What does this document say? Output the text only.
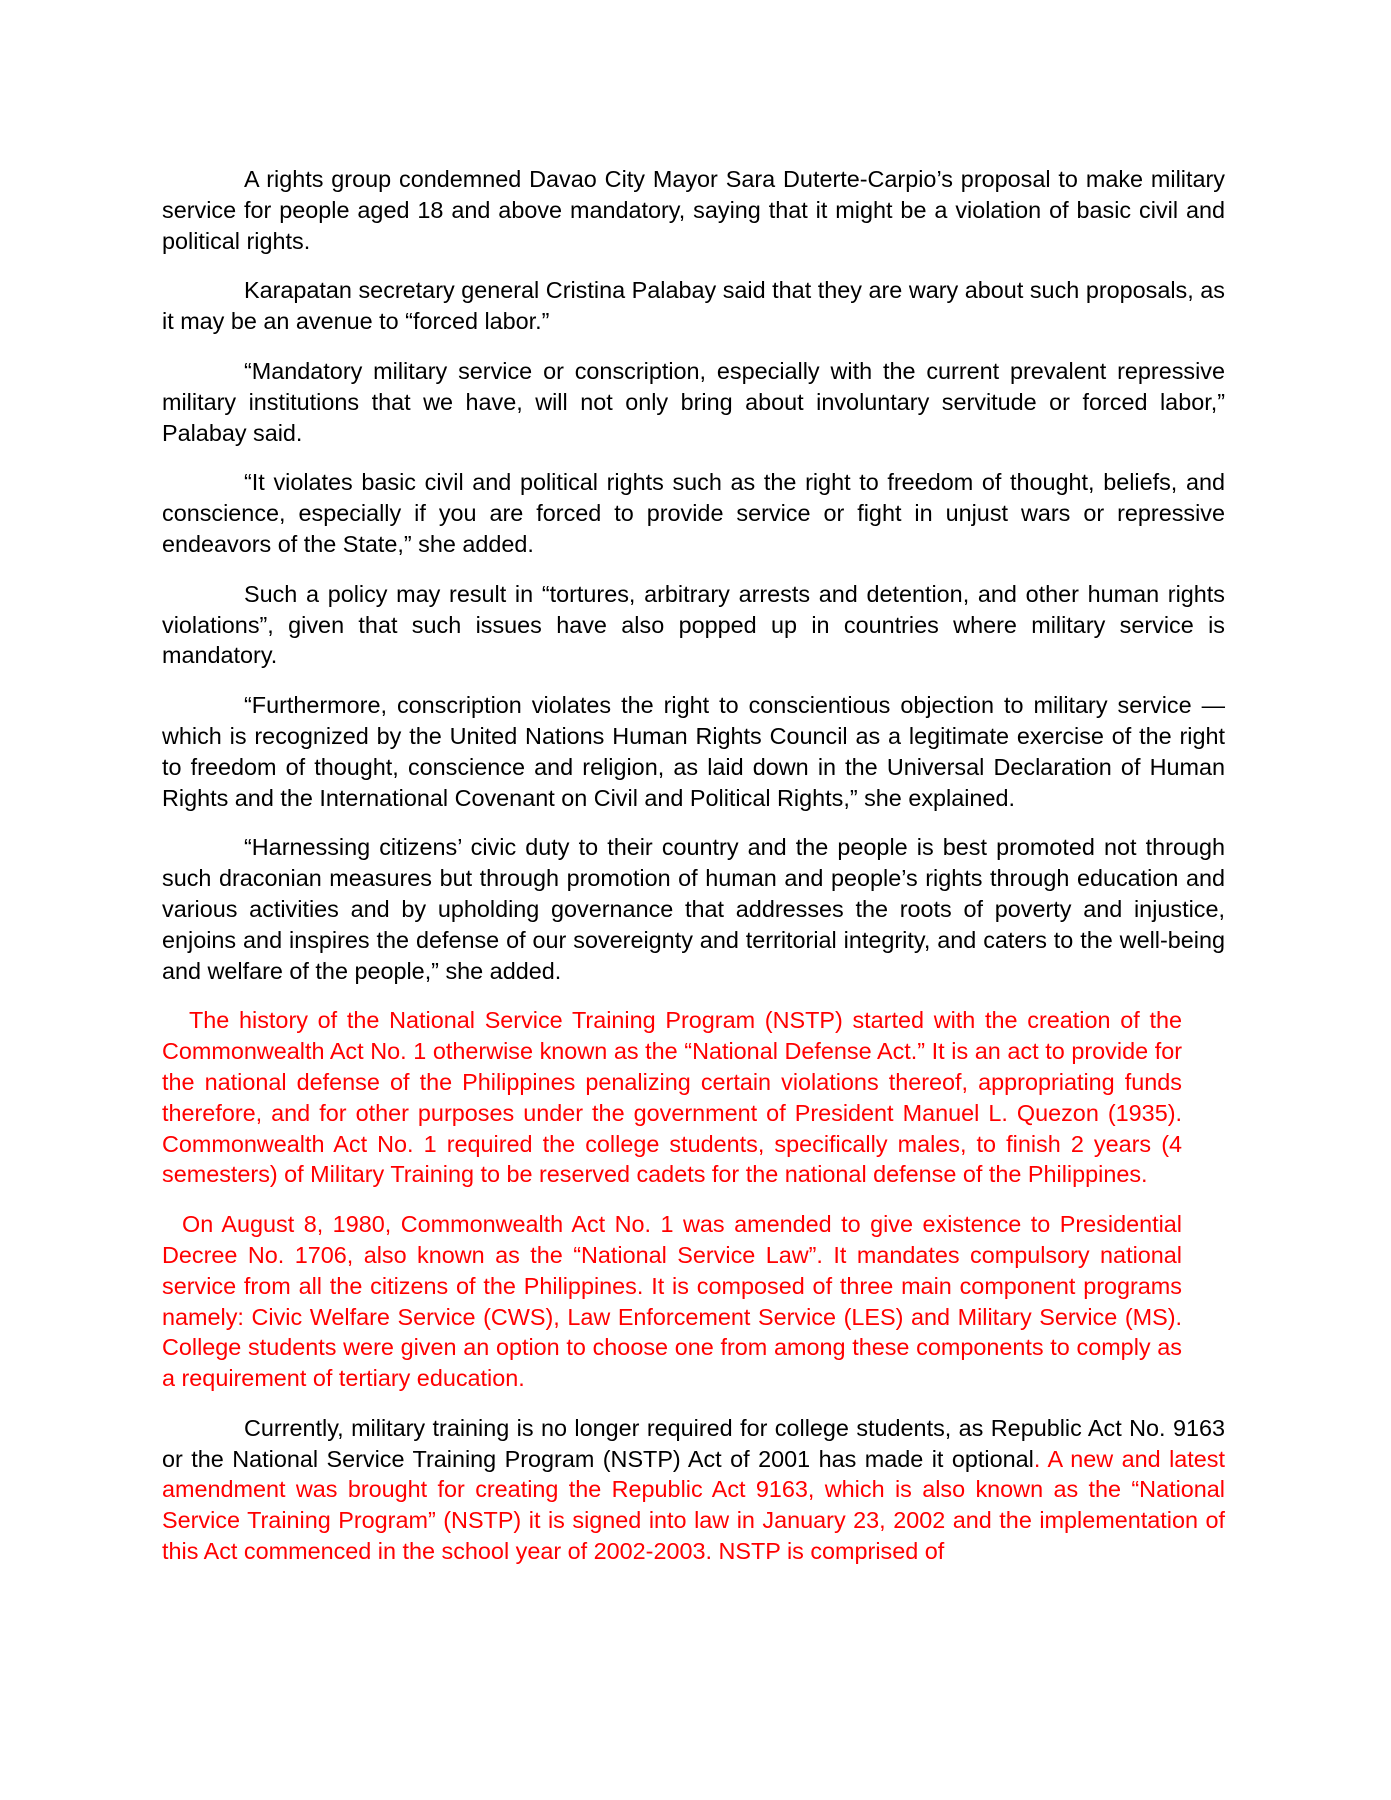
A rights group condemned Davao City Mayor Sara Duterte-Carpio’s proposal to make military service for people aged 18 and above mandatory, saying that it might be a violation of basic civil and political rights.

Karapatan secretary general Cristina Palabay said that they are wary about such proposals, as it may be an avenue to “forced labor.”

“Mandatory military service or conscription, especially with the current prevalent repressive military institutions that we have, will not only bring about involuntary servitude or forced labor,” Palabay said.

“It violates basic civil and political rights such as the right to freedom of thought, beliefs, and conscience, especially if you are forced to provide service or fight in unjust wars or repressive endeavors of the State,” she added.

Such a policy may result in “tortures, arbitrary arrests and detention, and other human rights violations”, given that such issues have also popped up in countries where military service is mandatory.

“Furthermore, conscription violates the right to conscientious objection to military service — which is recognized by the United Nations Human Rights Council as a legitimate exercise of the right to freedom of thought, conscience and religion, as laid down in the Universal Declaration of Human Rights and the International Covenant on Civil and Political Rights,” she explained.

“Harnessing citizens’ civic duty to their country and the people is best promoted not through such draconian measures but through promotion of human and people’s rights through education and various activities and by upholding governance that addresses the roots of poverty and injustice, enjoins and inspires the defense of our sovereignty and territorial integrity, and caters to the well-being and welfare of the people,” she added.

The history of the National Service Training Program (NSTP) started with the creation of the Commonwealth Act No. 1 otherwise known as the “National Defense Act.” It is an act to provide for the national defense of the Philippines penalizing certain violations thereof, appropriating funds therefore, and for other purposes under the government of President Manuel L. Quezon (1935). Commonwealth Act No. 1 required the college students, specifically males, to finish 2 years (4 semesters) of Military Training to be reserved cadets for the national defense of the Philippines.

On August 8, 1980, Commonwealth Act No. 1 was amended to give existence to Presidential Decree No. 1706, also known as the “National Service Law”. It mandates compulsory national service from all the citizens of the Philippines. It is composed of three main component programs namely: Civic Welfare Service (CWS), Law Enforcement Service (LES) and Military Service (MS). College students were given an option to choose one from among these components to comply as a requirement of tertiary education.

Currently, military training is no longer required for college students, as Republic Act No. 9163 or the National Service Training Program (NSTP) Act of 2001 has made it optional. A new and latest amendment was brought for creating the Republic Act 9163, which is also known as the “National Service Training Program” (NSTP) it is signed into law in January 23, 2002 and the implementation of this Act commenced in the school year of 2002-2003. NSTP is comprised of
